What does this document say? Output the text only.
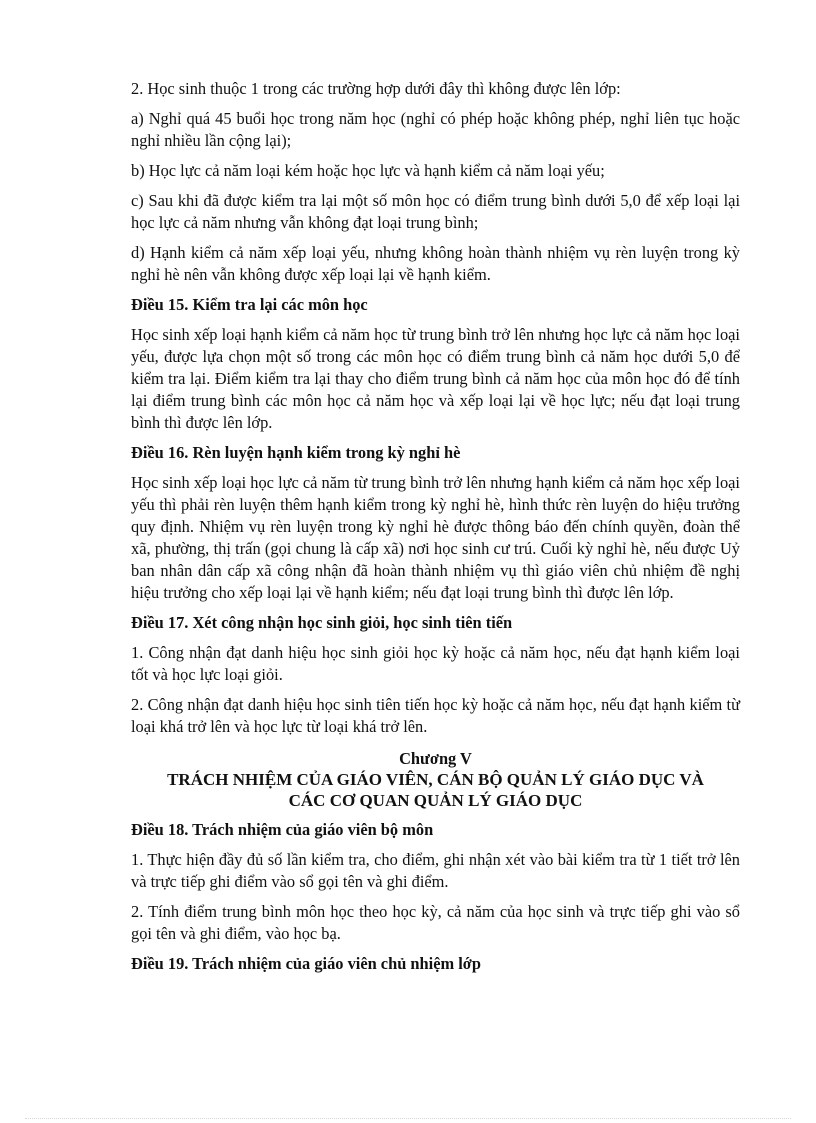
2. Học sinh thuộc 1 trong các trường hợp dưới đây thì không được lên lớp:

a) Nghỉ quá 45 buổi học trong năm học (nghỉ có phép hoặc không phép, nghỉ liên tục hoặc nghỉ nhiều lần cộng lại);

b) Học lực cả năm loại kém hoặc học lực và hạnh kiểm cả năm loại yếu;

c) Sau khi đã được kiểm tra lại một số môn học có điểm trung bình dưới 5,0 để xếp loại lại học lực cả năm nhưng vẫn không đạt loại trung bình;

d) Hạnh kiểm cả năm xếp loại yếu, nhưng không hoàn thành nhiệm vụ rèn luyện trong kỳ nghỉ hè nên vẫn không được xếp loại lại về hạnh kiểm.

Điều 15. Kiểm tra lại các môn học

Học sinh xếp loại hạnh kiểm cả năm học từ trung bình trở lên nhưng học lực cả năm học loại yếu, được lựa chọn một số trong các môn học có điểm trung bình cả năm học dưới 5,0 để kiểm tra lại. Điểm kiểm tra lại thay cho điểm trung bình cả năm học của môn học đó để tính lại điểm trung bình các môn học cả năm học và xếp loại lại về học lực; nếu đạt loại trung bình thì được lên lớp.

Điều 16. Rèn luyện hạnh kiểm trong kỳ nghỉ hè

Học sinh xếp loại học lực cả năm từ trung bình trở lên nhưng hạnh kiểm cả năm học xếp loại yếu thì phải rèn luyện thêm hạnh kiểm trong kỳ nghỉ hè, hình thức rèn luyện do hiệu trưởng quy định. Nhiệm vụ rèn luyện trong kỳ nghỉ hè được thông báo đến chính quyền, đoàn thể xã, phường, thị trấn (gọi chung là cấp xã) nơi học sinh cư trú. Cuối kỳ nghỉ hè, nếu được Uỷ ban nhân dân cấp xã công nhận đã hoàn thành nhiệm vụ thì giáo viên chủ nhiệm đề nghị hiệu trưởng cho xếp loại lại về hạnh kiểm; nếu đạt loại trung bình thì được lên lớp.

Điều 17. Xét công nhận học sinh giỏi, học sinh tiên tiến

1. Công nhận đạt danh hiệu học sinh giỏi học kỳ hoặc cả năm học, nếu đạt hạnh kiểm loại tốt và học lực loại giỏi.

2. Công nhận đạt danh hiệu học sinh tiên tiến học kỳ hoặc cả năm học, nếu đạt hạnh kiểm từ loại khá trở lên và học lực từ loại khá trở lên.

Chương V
TRÁCH NHIỆM CỦA GIÁO VIÊN, CÁN BỘ QUẢN LÝ GIÁO DỤC VÀ
CÁC CƠ QUAN QUẢN LÝ GIÁO DỤC

Điều 18. Trách nhiệm của giáo viên bộ môn

1. Thực hiện đầy đủ số lần kiểm tra, cho điểm, ghi nhận xét vào bài kiểm tra từ 1 tiết trở lên và trực tiếp ghi điểm vào sổ gọi tên và ghi điểm.

2. Tính điểm trung bình môn học theo học kỳ, cả năm của học sinh và trực tiếp ghi vào sổ gọi tên và ghi điểm, vào học bạ.

Điều 19. Trách nhiệm của giáo viên chủ nhiệm lớp
